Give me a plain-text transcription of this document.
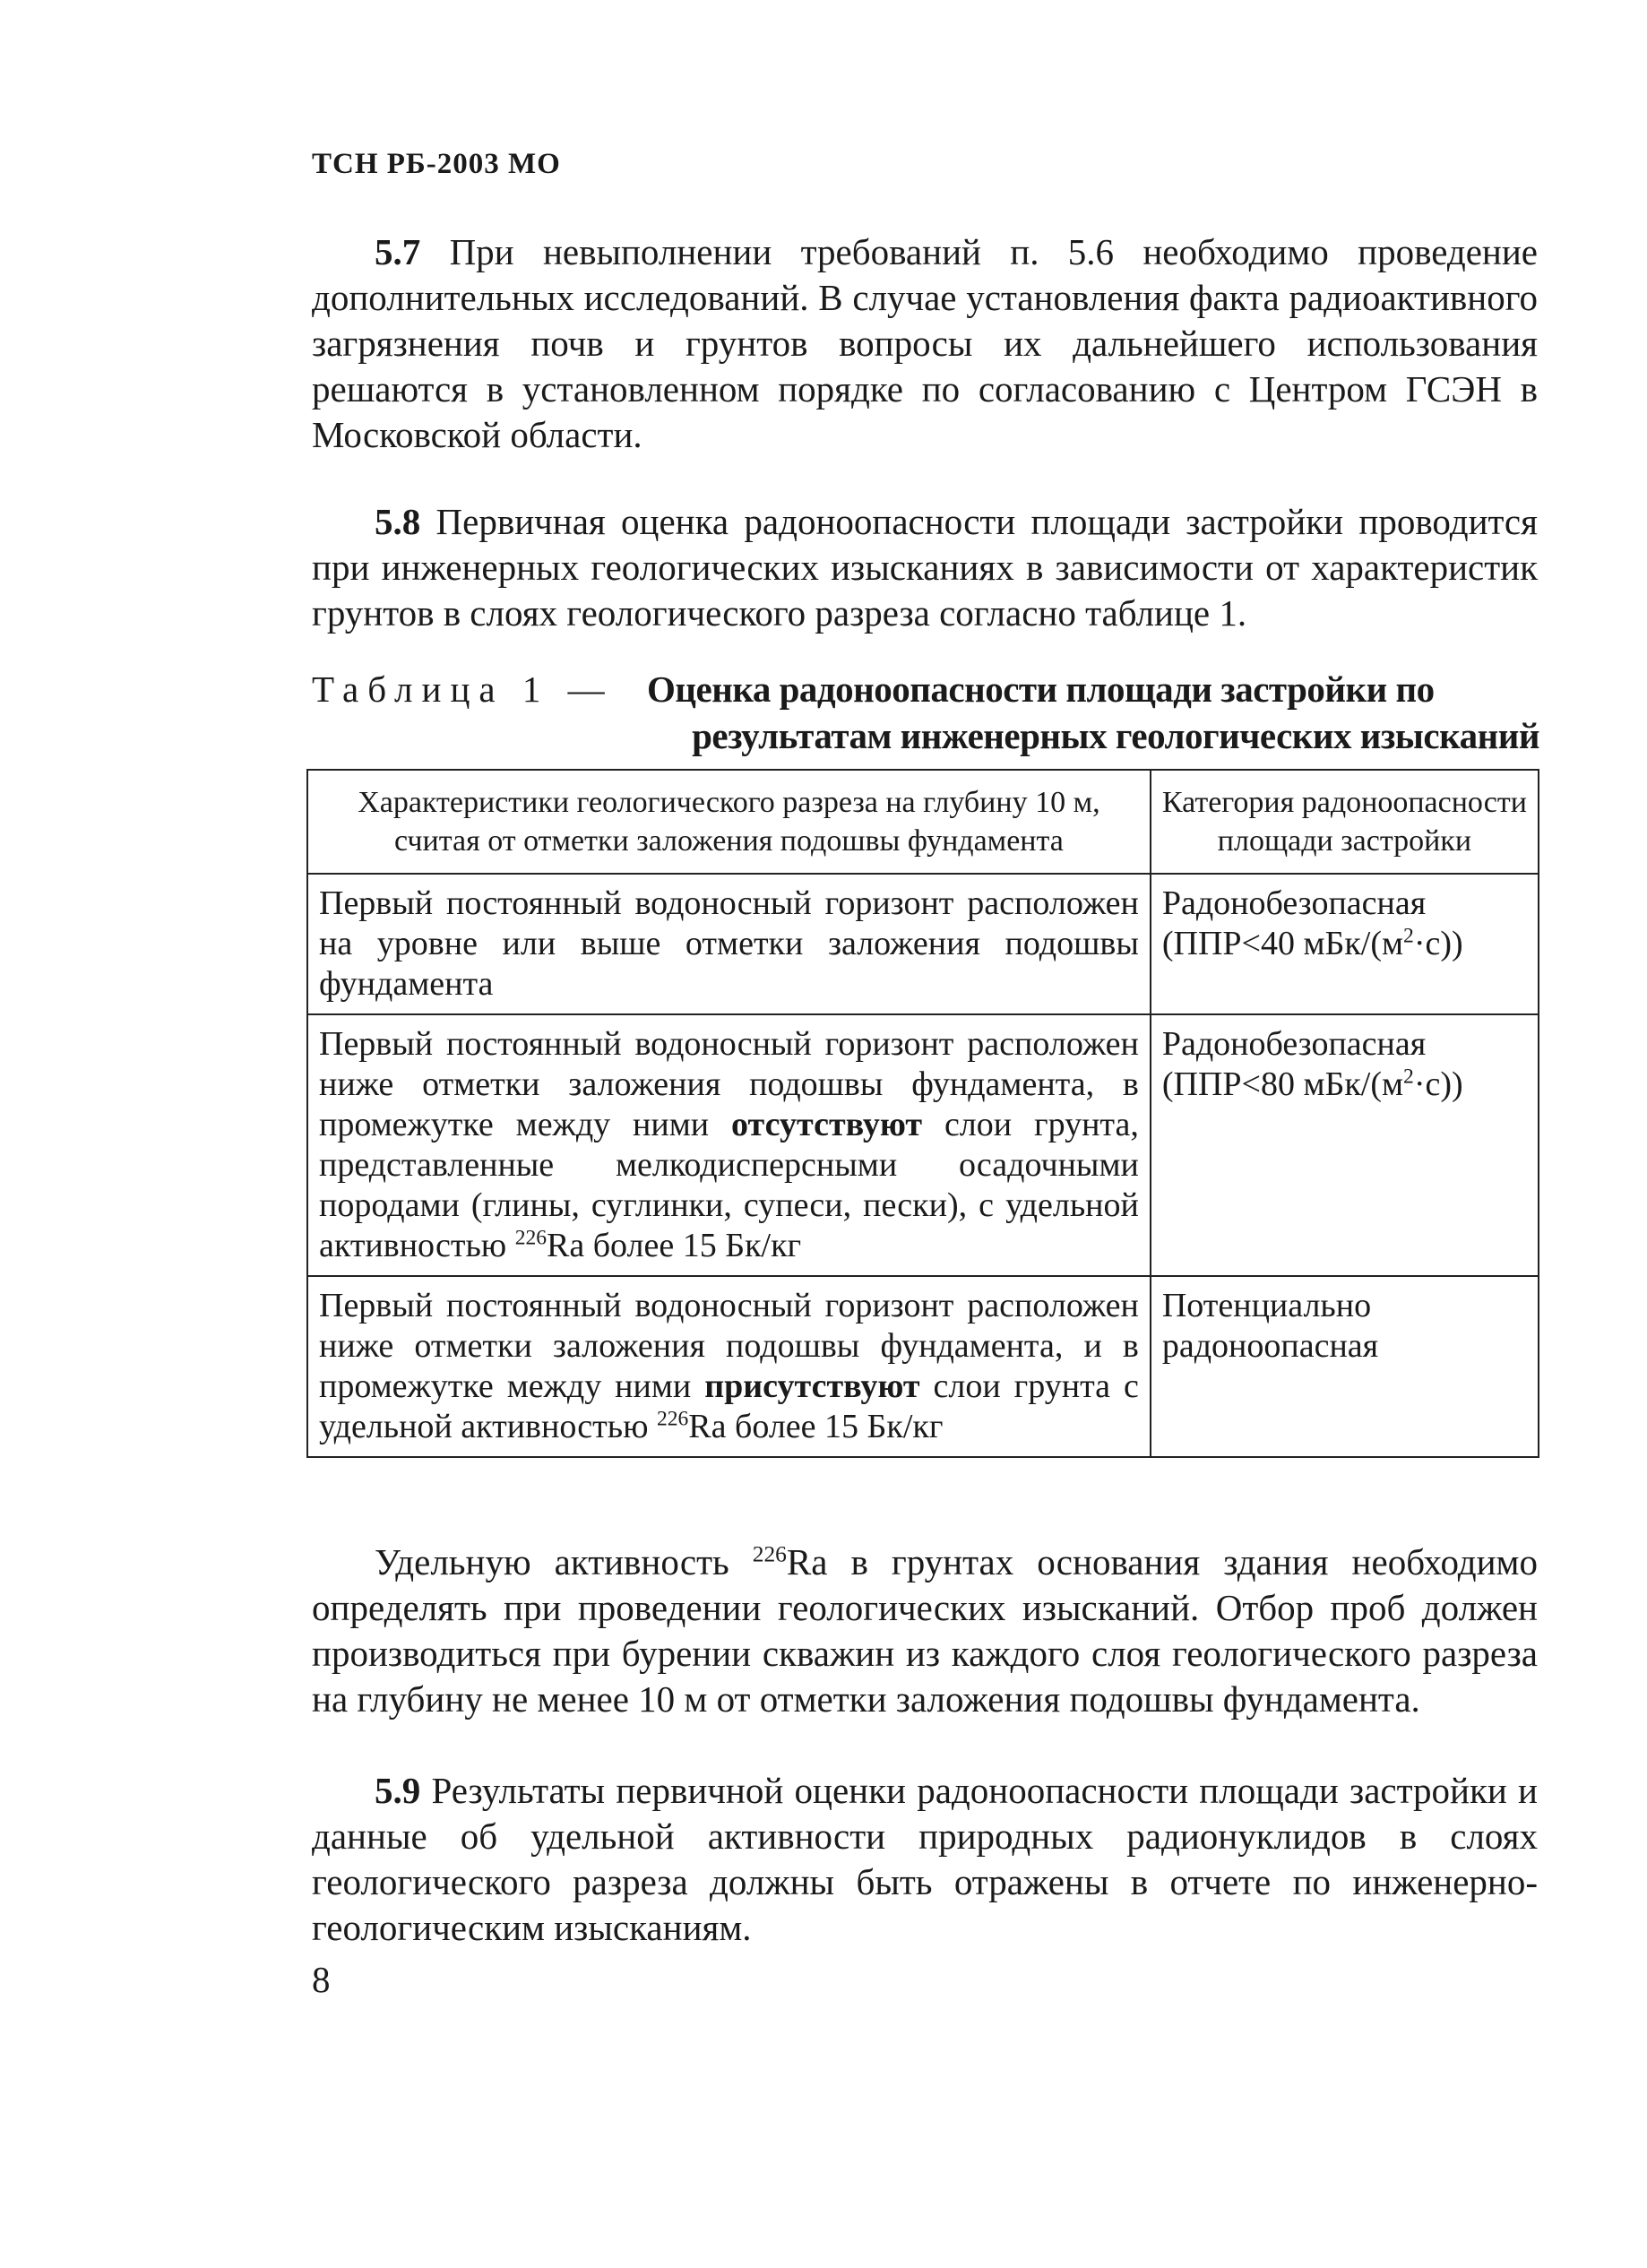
ТСН РБ-2003 МО

5.7 При невыполнении требований п. 5.6 необходимо проведение дополнительных исследований. В случае установления факта радиоактивного загрязнения почв и грунтов вопросы их дальнейшего использования решаются в установленном порядке по согласованию с Центром ГСЭН в Московской области.

5.8 Первичная оценка радоноопасности площади застройки проводится при инженерных геологических изысканиях в зависимости от характеристик грунтов в слоях геологического разреза согласно таблице 1.

Таблица 1 — Оценка радоноопасности площади застройки по
результатам инженерных геологических изысканий
Характеристики геологического разреза на глубину 10 м, считая от отметки заложения подошвы фундамента	Категория радоноопасности площади застройки
Первый постоянный водоносный горизонт расположен на уровне или выше отметки заложения подошвы фундамента	Радонобезопасная
(ППР<40 мБк/$(м^2\cdot с)$)
Первый постоянный водоносный горизонт расположен ниже отметки заложения подошвы фундамента, в промежутке между ними отсутствуют слои грунта, представленные мелкодисперсными осадочными породами (глины, суглинки, супеси, пески), с удельной активностью $^{226}$Ra более 15 Бк/кг	Радонобезопасная
(ППР<80 мБк/$(м^2\cdot с)$)
Первый постоянный водоносный горизонт расположен ниже отметки заложения подошвы фундамента, и в промежутке между ними присутствуют слои грунта с удельной активностью $^{226}$Ra более 15 Бк/кг	Потенциально
радоноопасная

Удельную активность $^{226}$Ra в грунтах основания здания необходимо определять при проведении геологических изысканий. Отбор проб должен производиться при бурении скважин из каждого слоя геологического разреза на глубину не менее 10 м от отметки заложения подошвы фундамента.

5.9 Результаты первичной оценки радоноопасности площади застройки и данные об удельной активности природных радионуклидов в слоях геологического разреза должны быть отражены в отчете по инженерно-геологическим изысканиям.

8
